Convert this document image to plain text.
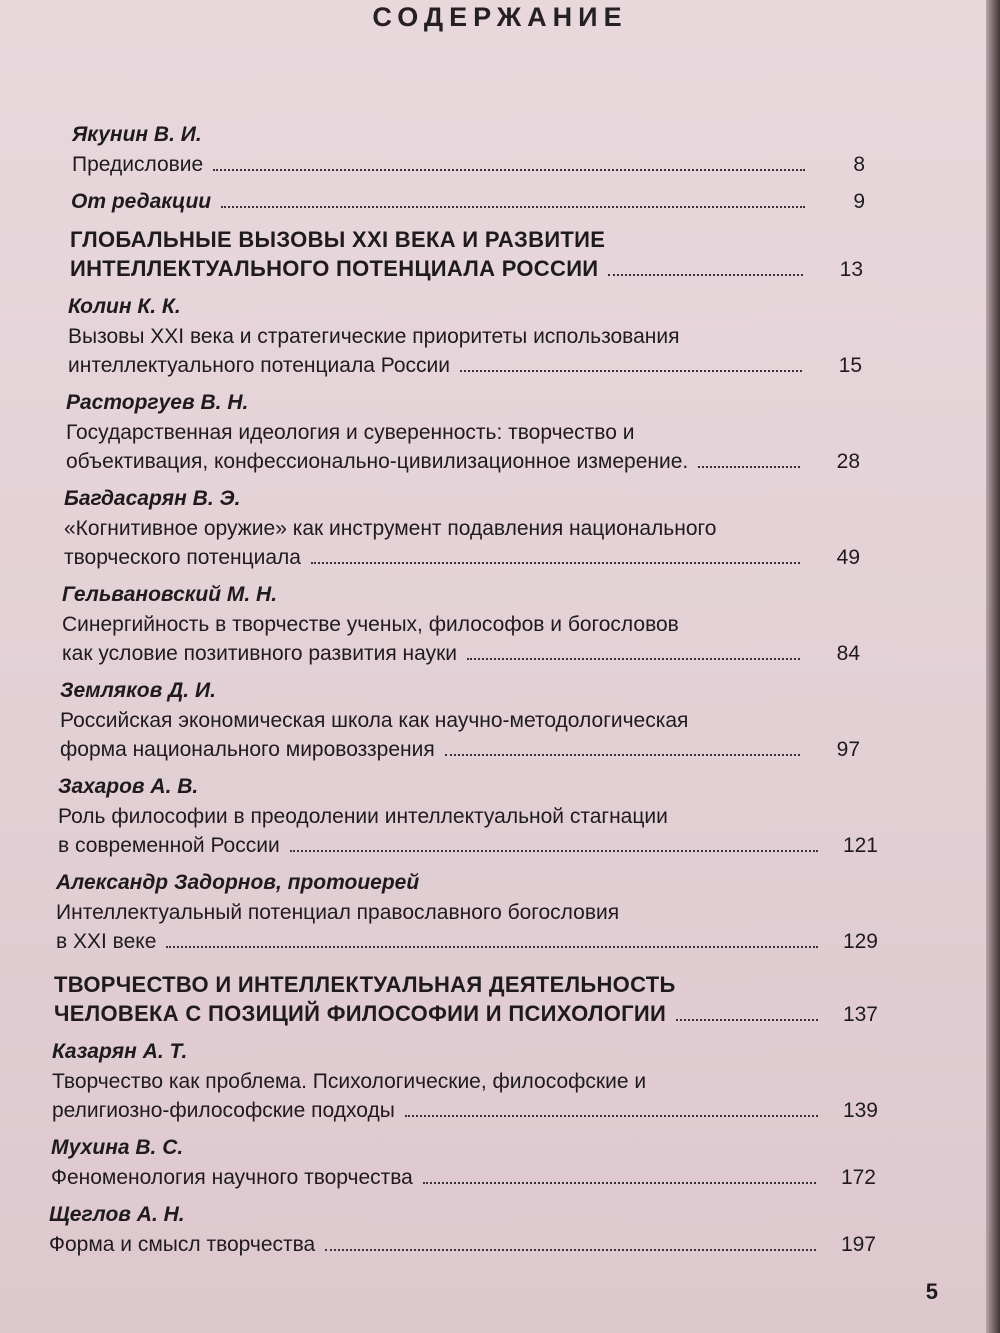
СОДЕРЖАНИЕ
Якунин В. И.
Предисловие	8
От редакции	9
ГЛОБАЛЬНЫЕ ВЫЗОВЫ XXI ВЕКА И РАЗВИТИЕ
ИНТЕЛЛЕКТУАЛЬНОГО ПОТЕНЦИАЛА РОССИИ	13
Колин К. К.
Вызовы XXI века и стратегические приоритеты использования
интеллектуального потенциала России	15
Расторгуев В. Н.
Государственная идеология и суверенность: творчество и
объективация, конфессионально-цивилизационное измерение.	28
Багдасарян В. Э.
«Когнитивное оружие» как инструмент подавления национального
творческого потенциала	49
Гельвановский М. Н.
Синергийность в творчестве ученых, философов и богословов
как условие позитивного развития науки	84
Земляков Д. И.
Российская экономическая школа как научно-методологическая
форма национального мировоззрения	97
Захаров А. В.
Роль философии в преодолении интеллектуальной стагнации
в современной России	121
Александр Задорнов, протоиерей
Интеллектуальный потенциал православного богословия
в XXI веке	129
ТВОРЧЕСТВО И ИНТЕЛЛЕКТУАЛЬНАЯ ДЕЯТЕЛЬНОСТЬ
ЧЕЛОВЕКА С ПОЗИЦИЙ ФИЛОСОФИИ И ПСИХОЛОГИИ	137
Казарян А. Т.
Творчество как проблема. Психологические, философские и
религиозно-философские подходы	139
Мухина В. С.
Феноменология научного творчества	172
Щеглов А. Н.
Форма и смысл творчества	197
5
